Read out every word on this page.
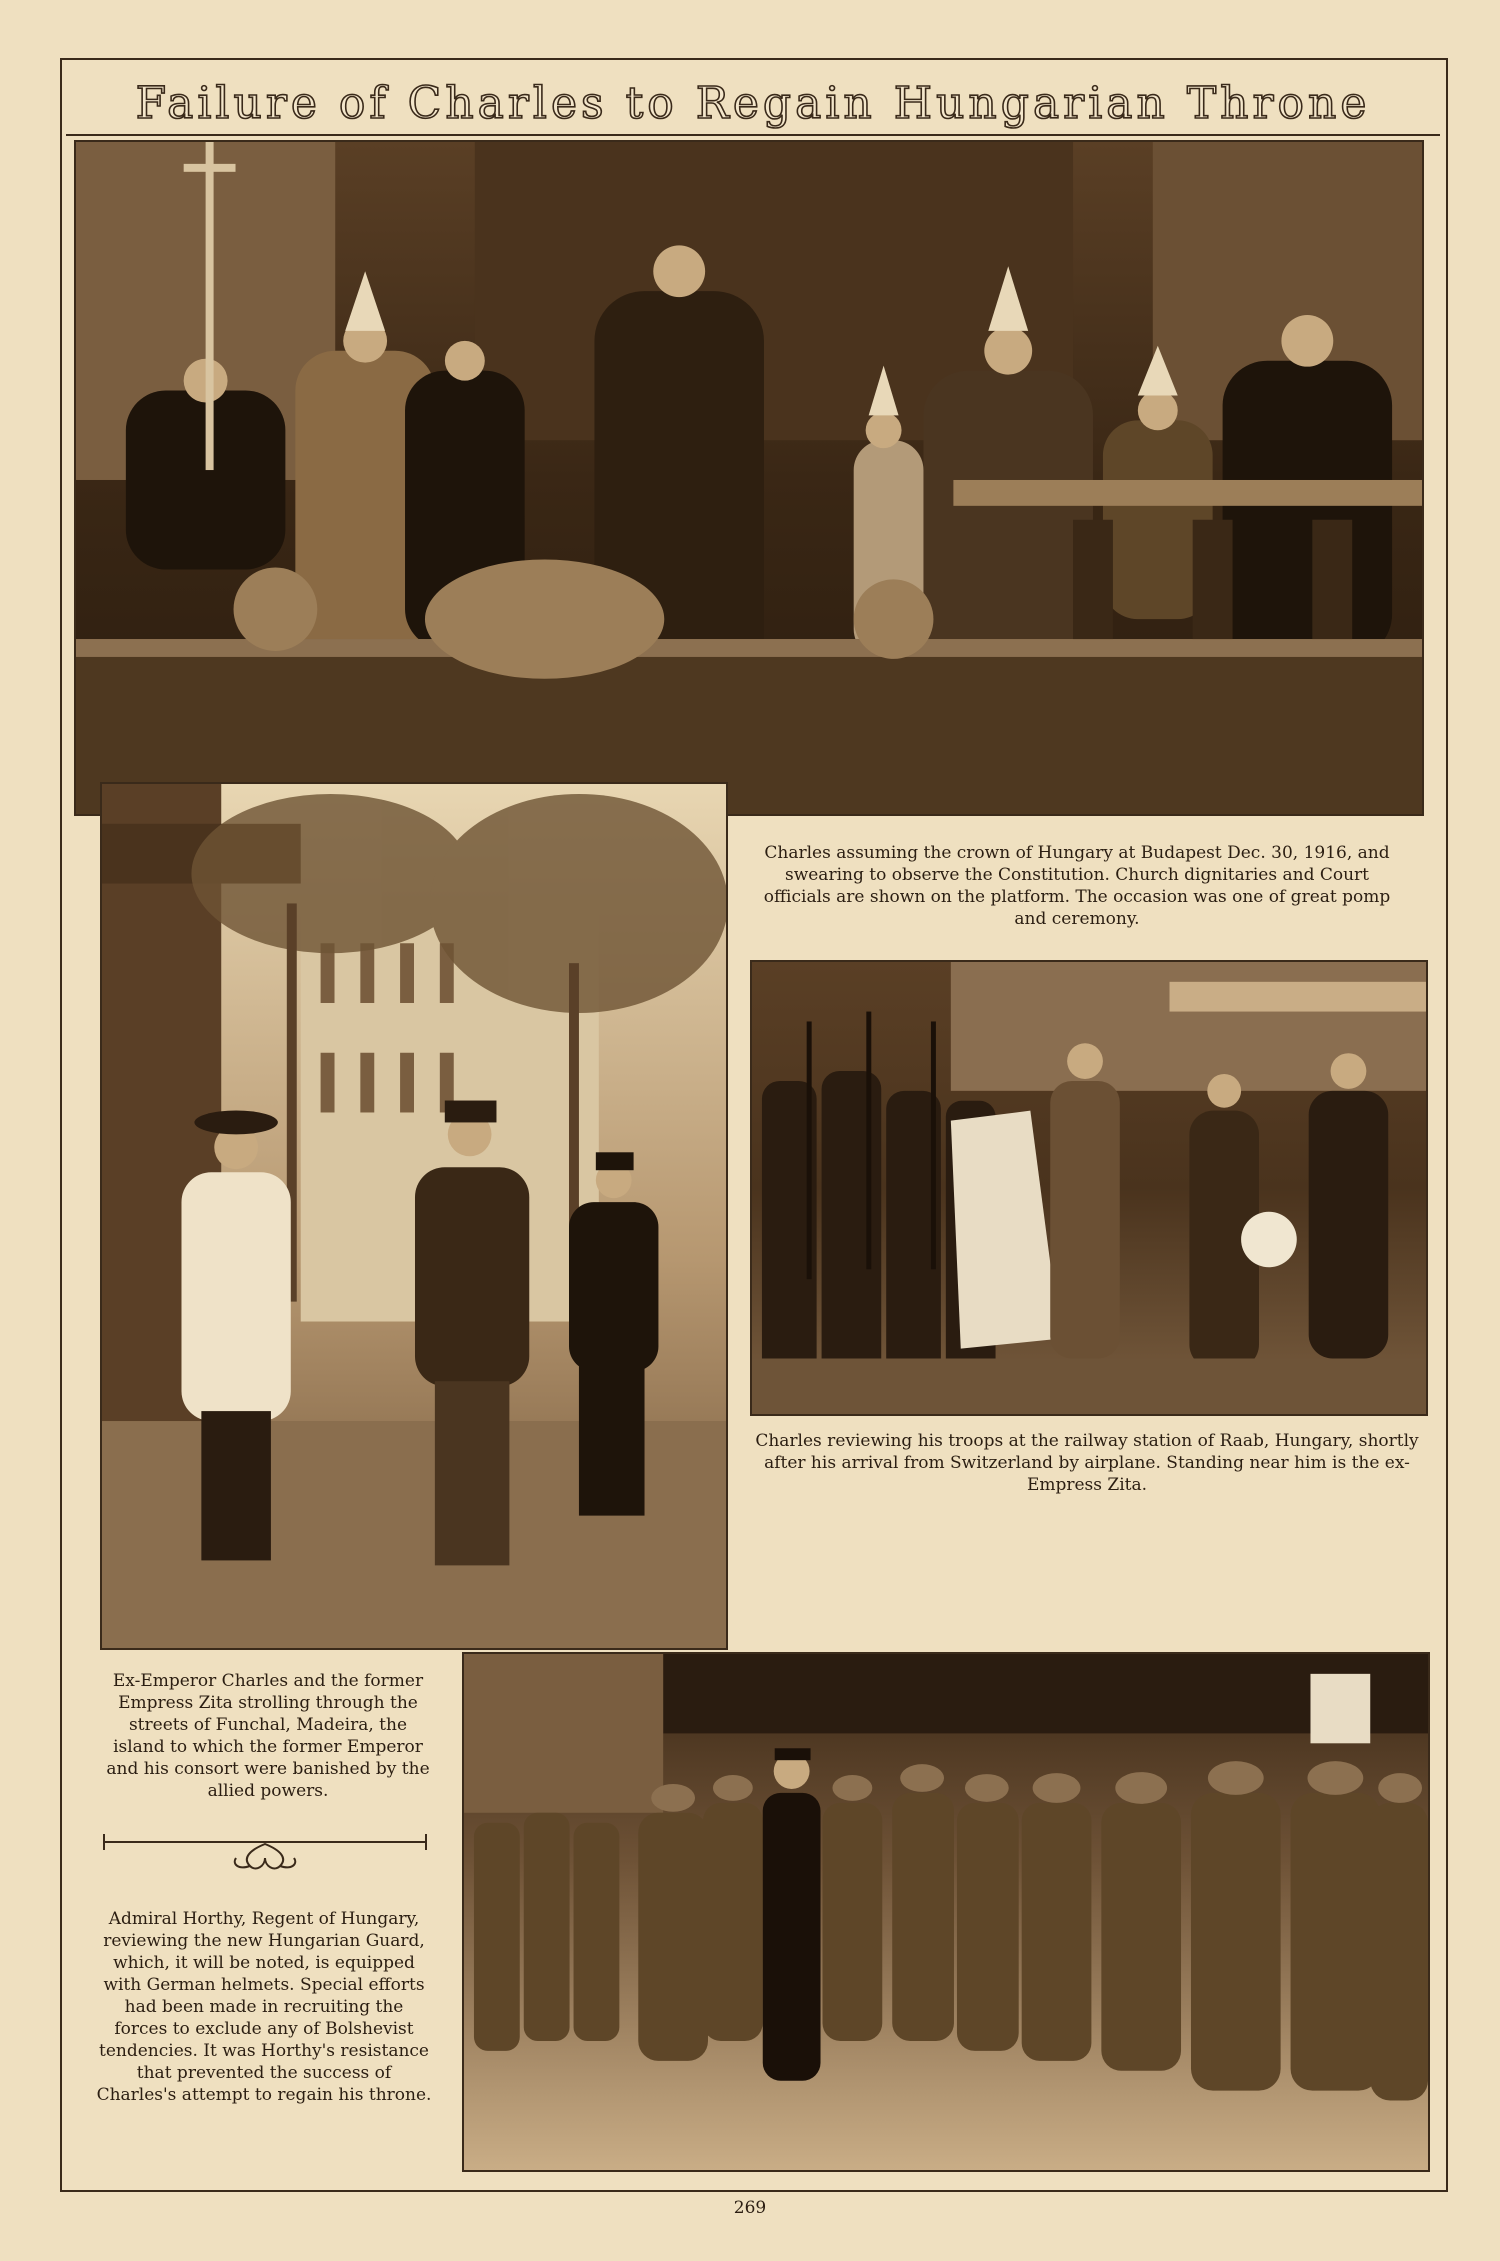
Failure of Charles to Regain Hungarian Throne
Charles assuming the crown of Hungary at Budapest Dec. 30, 1916, and swearing to observe the Constitution. Church dignitaries and Court officials are shown on the platform. The occasion was one of great pomp and ceremony.
Charles reviewing his troops at the railway station of Raab, Hungary, shortly after his arrival from Switzerland by airplane. Standing near him is the ex-Empress Zita.
Ex-Emperor Charles and the former Empress Zita strolling through the streets of Funchal, Madeira, the island to which the former Emperor and his consort were banished by the allied powers.
Admiral Horthy, Regent of Hungary, reviewing the new Hungarian Guard, which, it will be noted, is equipped with German helmets. Special efforts had been made in recruiting the forces to exclude any of Bolshevist tendencies. It was Horthy's resistance that prevented the success of Charles's attempt to regain his throne.
269
